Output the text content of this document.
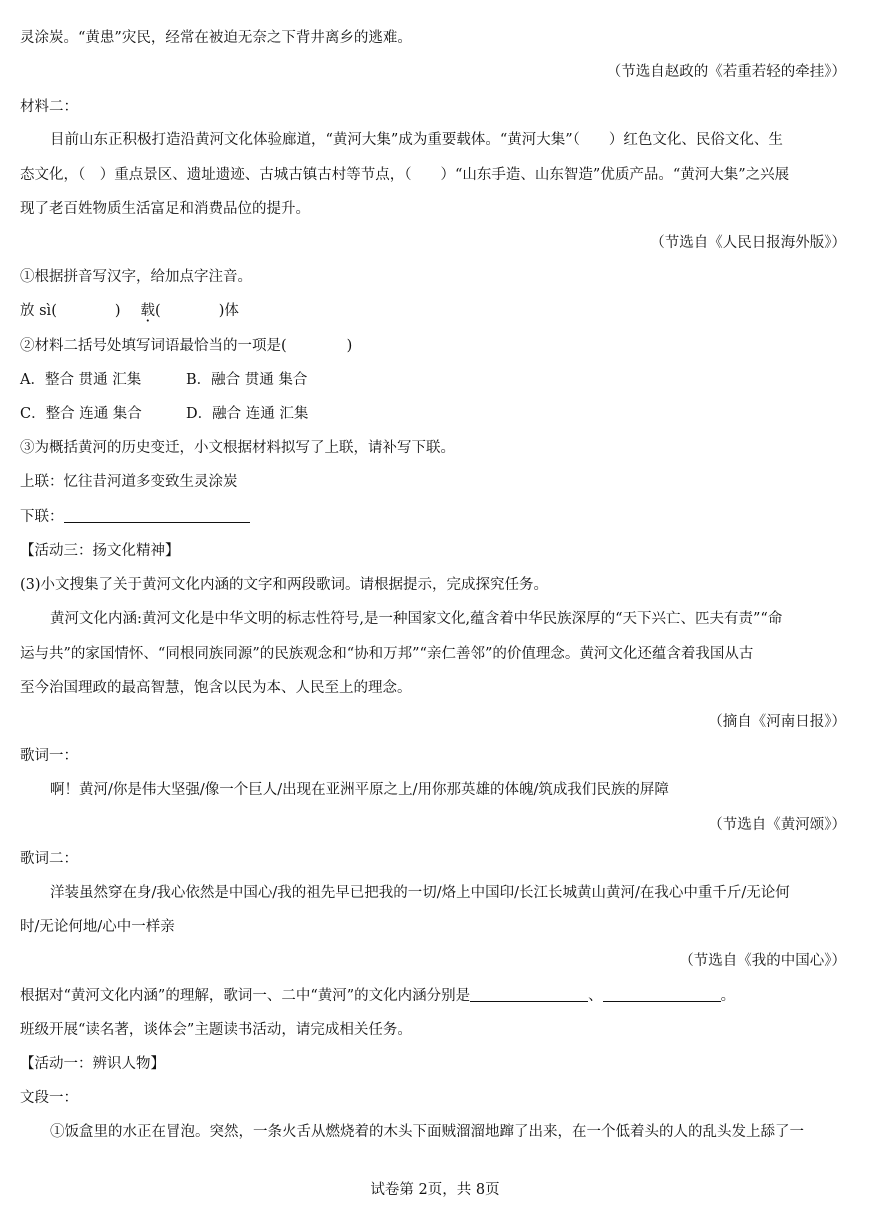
灵涂炭。“黄患”灾民，经常在被迫无奈之下背井离乡的逃难。
（节选自赵政的《若重若轻的牵挂》）
材料二：
目前山东正积极打造沿黄河文化体验廊道，“黄河大集”成为重要载体。“黄河大集”（　　）红色文化、民俗文化、生
态文化，（　）重点景区、遗址遗迹、古城古镇古村等节点，（　　）“山东手造、山东智造”优质产品。“黄河大集”之兴展
现了老百姓物质生活富足和消费品位的提升。
（节选自《人民日报海外版》）
①根据拼音写汉字，给加点字注音。
放 sì(	) 载(	)体
②材料二括号处填写词语最恰当的一项是(	)
A．整合 贯通 汇集	B．融合 贯通 集合
C．整合 连通 集合	D．融合 连通 汇集
③为概括黄河的历史变迁，小文根据材料拟写了上联，请补写下联。
上联：忆往昔河道多变致生灵涂炭
下联：
【活动三：扬文化精神】
(3)小文搜集了关于黄河文化内涵的文字和两段歌词。请根据提示，完成探究任务。
黄河文化内涵:黄河文化是中华文明的标志性符号,是一种国家文化,蕴含着中华民族深厚的“天下兴亡、匹夫有责”“命
运与共”的家国情怀、“同根同族同源”的民族观念和“协和万邦”“亲仁善邻”的价值理念。黄河文化还蕴含着我国从古
至今治国理政的最高智慧，饱含以民为本、人民至上的理念。
（摘自《河南日报》）
歌词一：
啊！黄河/你是伟大坚强/像一个巨人/出现在亚洲平原之上/用你那英雄的体魄/筑成我们民族的屏障
（节选自《黄河颂》）
歌词二：
洋装虽然穿在身/我心依然是中国心/我的祖先早已把我的一切/烙上中国印/长江长城黄山黄河/在我心中重千斤/无论何
时/无论何地/心中一样亲
（节选自《我的中国心》）
根据对“黄河文化内涵”的理解，歌词一、二中“黄河”的文化内涵分别是	、	。
班级开展“读名著，谈体会”主题读书活动，请完成相关任务。
【活动一：辨识人物】
文段一：
①饭盒里的水正在冒泡。突然，一条火舌从燃烧着的木头下面贼溜溜地蹿了出来，在一个低着头的人的乱头发上舔了一
试卷第 2页，共 8页
